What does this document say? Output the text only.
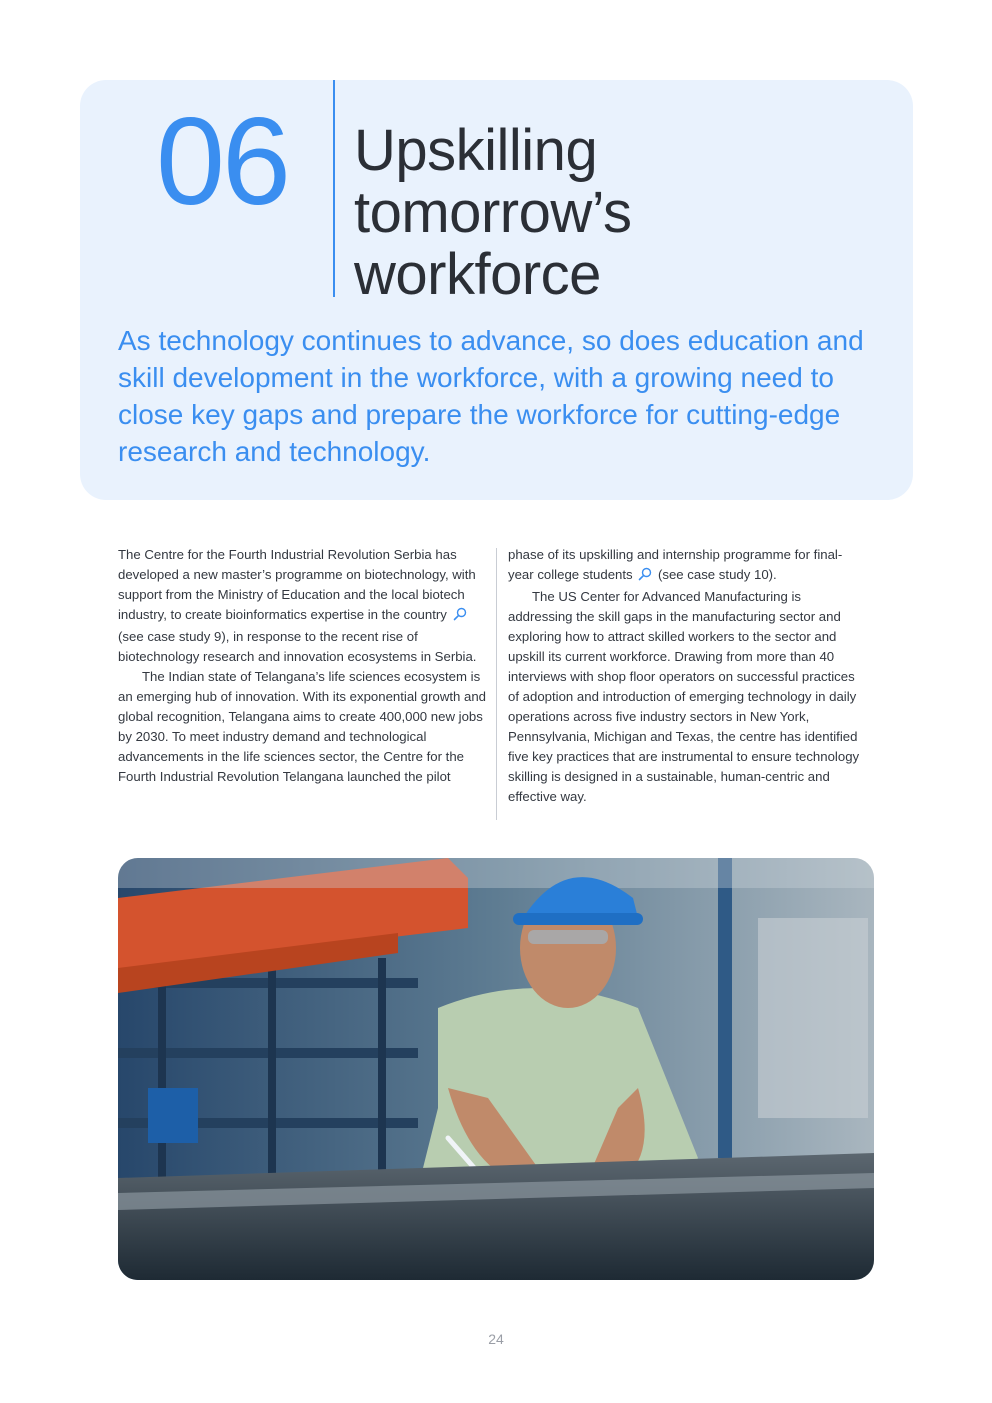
06 Upskilling
tomorrow’s
workforce
As technology continues to advance, so does education and skill development in the workforce, with a growing need to close key gaps and prepare the workforce for cutting-edge research and technology.

The Centre for the Fourth Industrial Revolution Serbia has developed a new master’s programme on biotechnology, with support from the Ministry of Education and the local biotech industry, to create bioinformatics expertise in the country  (see case study 9), in response to the recent rise of biotechnology research and innovation ecosystems in Serbia.

The Indian state of Telangana’s life sciences ecosystem is an emerging hub of innovation. With its exponential growth and global recognition, Telangana aims to create 400,000 new jobs by 2030. To meet industry demand and technological advancements in the life sciences sector, the Centre for the Fourth Industrial Revolution Telangana launched the pilot

phase of its upskilling and internship programme for final-year college students (see case study 10).

The US Center for Advanced Manufacturing is addressing the skill gaps in the manufacturing sector and exploring how to attract skilled workers to the sector and upskill its current workforce. Drawing from more than 40 interviews with shop floor operators on successful practices of adoption and introduction of emerging technology in daily operations across five industry sectors in New York, Pennsylvania, Michigan and Texas, the centre has identified five key practices that are instrumental to ensure technology skilling is designed in a sustainable, human-centric and effective way.

24
